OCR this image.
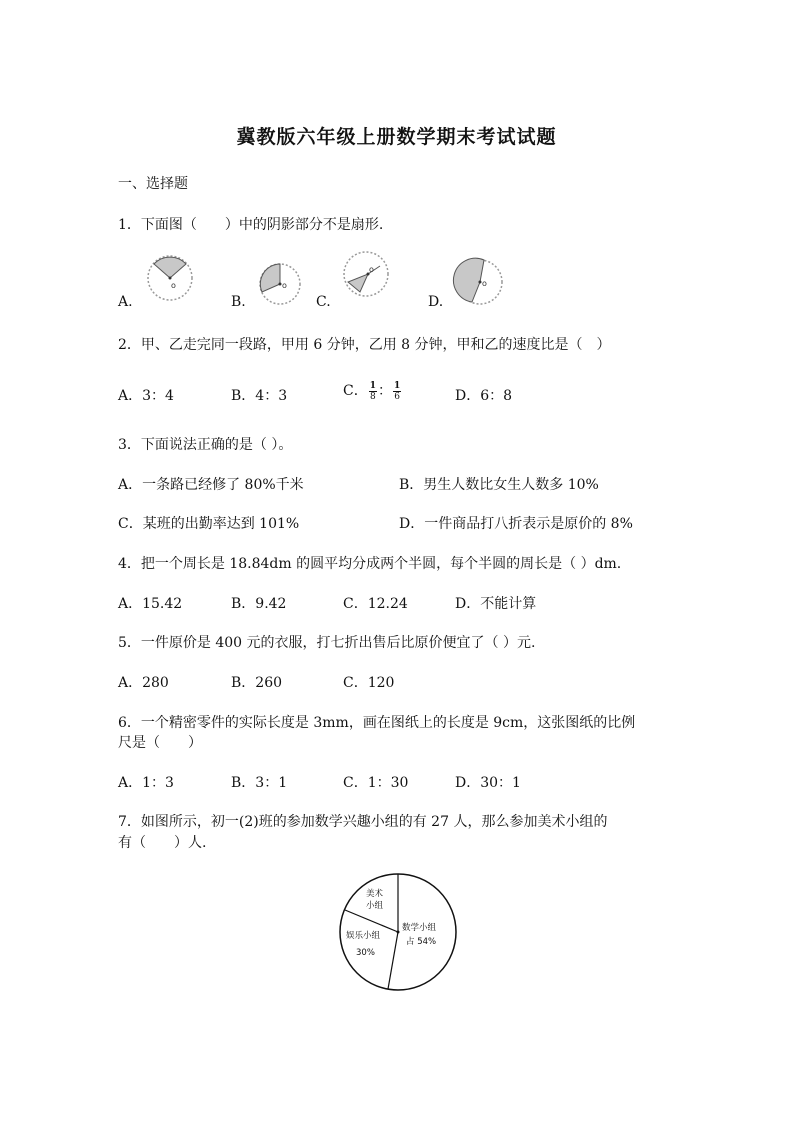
冀教版六年级上册数学期末考试试题
一、选择题
1．下面图（　　）中的阴影部分不是扇形.
o
A.
o
B.
o
C.
o
D.
2．甲、乙走完同一段路，甲用 6 分钟，乙用 8 分钟，甲和乙的速度比是（　）
A．3：4	B．4：3	C． $\frac{1}{8}$ ： $\frac{1}{6}$	D．6：8
3．下面说法正确的是（ ）。
A．一条路已经修了 80%千米	B．男生人数比女生人数多 10%
C．某班的出勤率达到 101%	D．一件商品打八折表示是原价的 8%
4．把一个周长是 18.84dm 的圆平均分成两个半圆，每个半圆的周长是（ ）dm.
A．15.42	B．9.42	C．12.24	D．不能计算
5．一件原价是 400 元的衣服，打七折出售后比原价便宜了（ ）元.
A．280	B．260	C．120
6．一个精密零件的实际长度是 3mm，画在图纸上的长度是 9cm，这张图纸的比例
尺是（　　）
A．1：3	B．3：1	C．1：30	D．30：1
7．如图所示，初一(2)班的参加数学兴趣小组的有 27 人，那么参加美术小组的
有（　　）人.
美术
小组
娱乐小组
30%
数学小组
占 54%
